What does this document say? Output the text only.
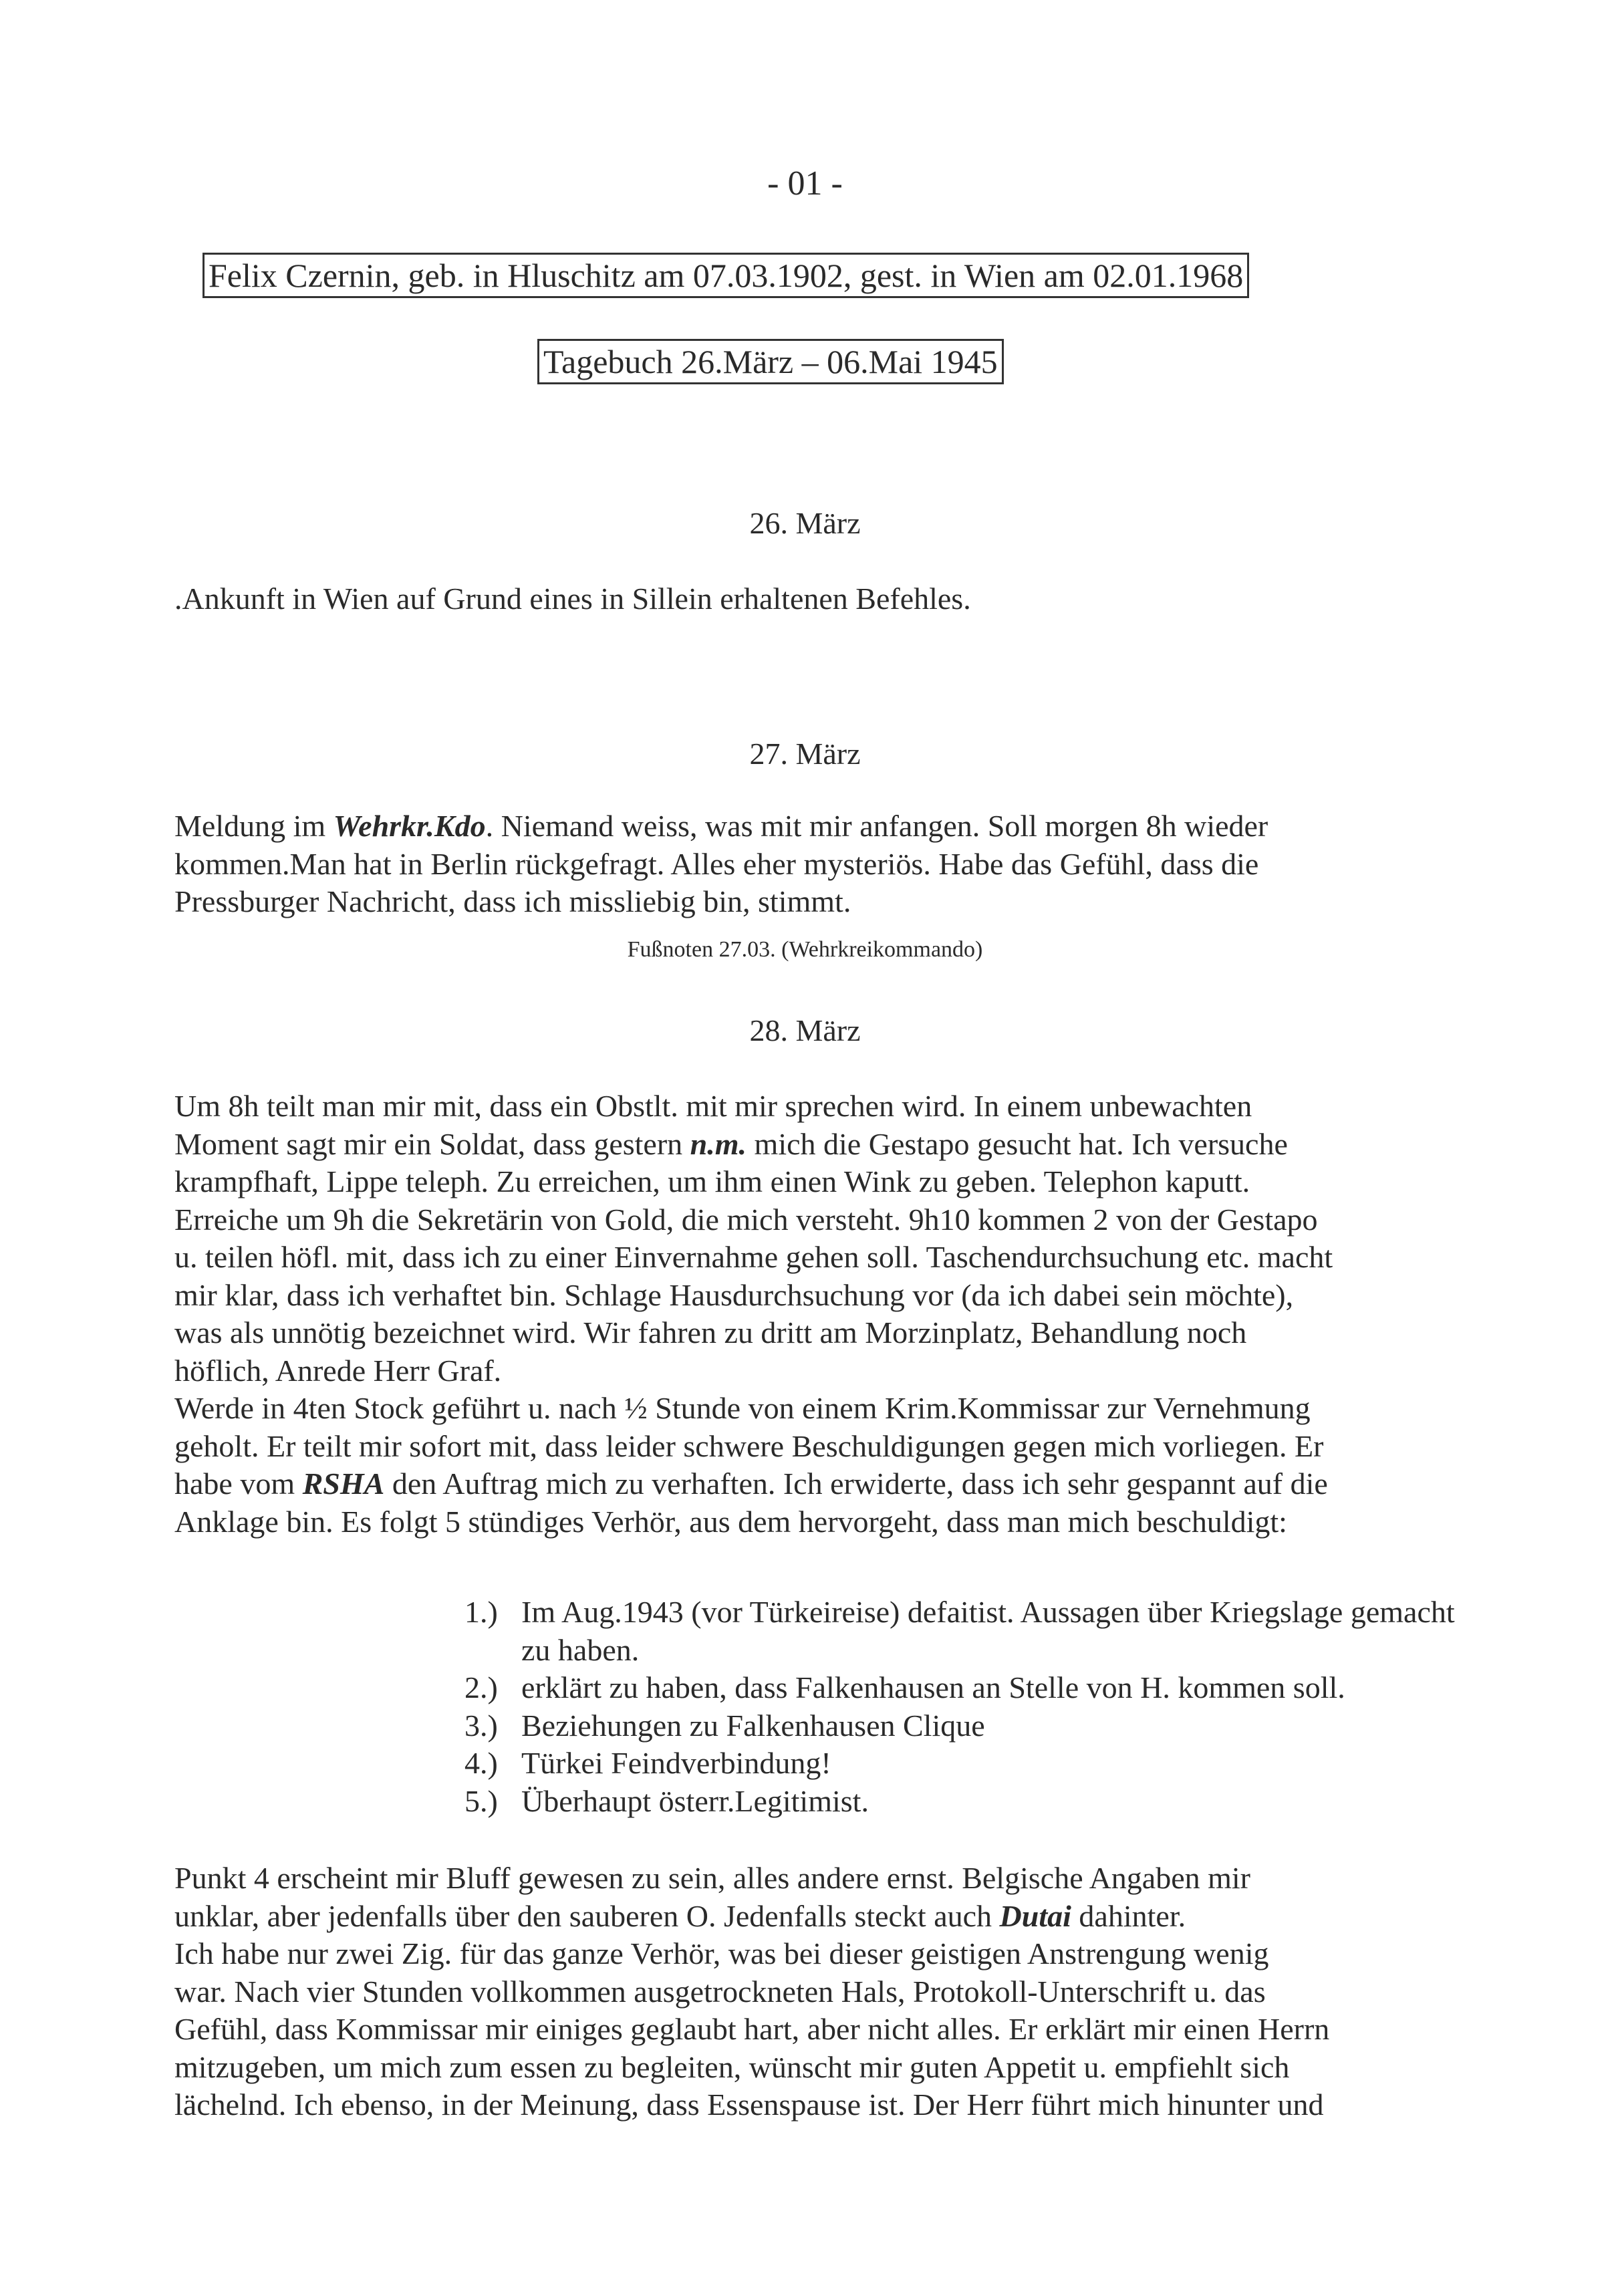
- 01 -
Felix Czernin, geb. in Hluschitz am 07.03.1902, gest. in Wien am 02.01.1968
Tagebuch 26.März – 06.Mai 1945
26. März

.Ankunft in Wien auf Grund eines in Sillein erhaltenen Befehles.

27. März

Meldung im Wehrkr.Kdo. Niemand weiss, was mit mir anfangen. Soll morgen 8h wieder

kommen.Man hat in Berlin rückgefragt. Alles eher mysteriös. Habe das Gefühl, dass die

Pressburger Nachricht, dass ich missliebig bin, stimmt.

Fußnoten 27.03. (Wehrkreikommando)
28. März

Um 8h teilt man mir mit, dass ein Obstlt. mit mir sprechen wird. In einem unbewachten

Moment sagt mir ein Soldat, dass gestern n.m. mich die Gestapo gesucht hat. Ich versuche

krampfhaft, Lippe teleph. Zu erreichen, um ihm einen Wink zu geben. Telephon kaputt.

Erreiche um 9h die Sekretärin von Gold, die mich versteht. 9h10 kommen 2 von der Gestapo

u. teilen höfl. mit, dass ich zu einer Einvernahme gehen soll. Taschendurchsuchung etc. macht

mir klar, dass ich verhaftet bin. Schlage Hausdurchsuchung vor (da ich dabei sein möchte),

was als unnötig bezeichnet wird. Wir fahren zu dritt am Morzinplatz, Behandlung noch

höflich, Anrede Herr Graf.

Werde in 4ten Stock geführt u. nach ½ Stunde von einem Krim.Kommissar zur Vernehmung

geholt. Er teilt mir sofort mit, dass leider schwere Beschuldigungen gegen mich vorliegen. Er

habe vom RSHA den Auftrag mich zu verhaften. Ich erwiderte, dass ich sehr gespannt auf die

Anklage bin. Es folgt 5 stündiges Verhör, aus dem hervorgeht, dass man mich beschuldigt:

1.) Im Aug.1943 (vor Türkeireise) defaitist. Aussagen über Kriegslage gemacht zu haben.
2.) erklärt zu haben, dass Falkenhausen an Stelle von H. kommen soll.
3.) Beziehungen zu Falkenhausen Clique
4.) Türkei Feindverbindung!
5.) Überhaupt österr.Legitimist.

Punkt 4 erscheint mir Bluff gewesen zu sein, alles andere ernst. Belgische Angaben mir

unklar, aber jedenfalls über den sauberen O. Jedenfalls steckt auch Dutai dahinter.

Ich habe nur zwei Zig. für das ganze Verhör, was bei dieser geistigen Anstrengung wenig

war. Nach vier Stunden vollkommen ausgetrockneten Hals, Protokoll-Unterschrift u. das

Gefühl, dass Kommissar mir einiges geglaubt hart, aber nicht alles. Er erklärt mir einen Herrn

mitzugeben, um mich zum essen zu begleiten, wünscht mir guten Appetit u. empfiehlt sich

lächelnd. Ich ebenso, in der Meinung, dass Essenspause ist. Der Herr führt mich hinunter und
